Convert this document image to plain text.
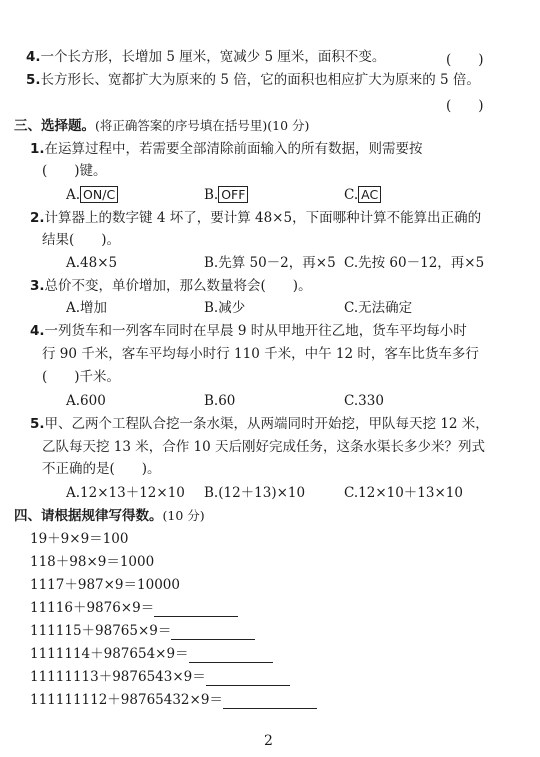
4.一个长方形，长增加 5 厘米，宽减少 5 厘米，面积不变。	(　　)
5.长方形长、宽都扩大为原来的 5 倍，它的面积也相应扩大为原来的 5 倍。
(　　)
三、选择题。(将正确答案的序号填在括号里)(10 分)
1.在运算过程中，若需要全部清除前面输入的所有数据，则需要按
(　　)键。
A. ON/C	B. OFF	C. AC
2.计算器上的数字键 4 坏了，要计算 48×5，下面哪种计算不能算出正确的
结果(　　)。
A.48×5	B.先算 50－2，再×5 C.先按 60－12，再×5
3.总价不变，单价增加，那么数量将会(　　)。
A.增加	B.减少	C.无法确定
4.一列货车和一列客车同时在早晨 9 时从甲地开往乙地，货车平均每小时
行 90 千米，客车平均每小时行 110 千米，中午 12 时，客车比货车多行
(　　)千米。
A.600	B.60	C.330
5.甲、乙两个工程队合挖一条水渠，从两端同时开始挖，甲队每天挖 12 米，
乙队每天挖 13 米，合作 10 天后刚好完成任务，这条水渠长多少米？列式
不正确的是(　　)。
A.12×13＋12×10 B.(12＋13)×10	C.12×10＋13×10
四、请根据规律写得数。(10 分)
19＋9×9＝100
118＋98×9＝1000
1117＋987×9＝10000
11116＋9876×9＝
111115＋98765×9＝
1111114＋987654×9＝
11111113＋9876543×9＝
111111112＋98765432×9＝
2
